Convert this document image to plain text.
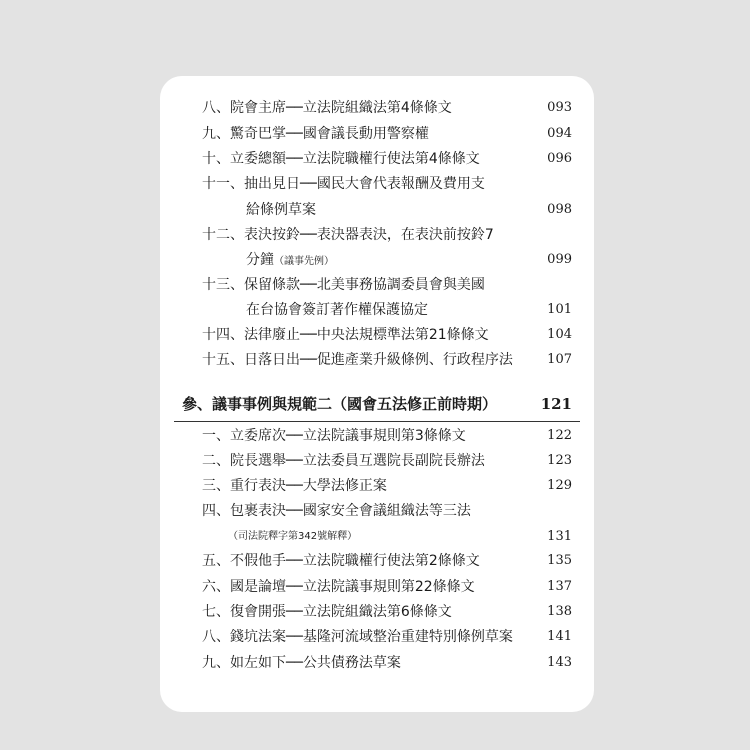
八、院會主席──立法院組織法第4條條文	093
九、驚奇巴掌──國會議長動用警察權	094
十、立委總額──立法院職權行使法第4條條文	096
十一、抽出見日──國民大會代表報酬及費用支
給條例草案	098
十二、表決按鈴──表決器表決，在表決前按鈴7
分鐘（議事先例）	099
十三、保留條款──北美事務協調委員會與美國
在台協會簽訂著作權保護協定	101
十四、法律廢止──中央法規標準法第21條條文	104
十五、日落日出──促進產業升級條例、行政程序法	107
參、議事事例與規範二（國會五法修正前時期）	121
一、立委席次──立法院議事規則第3條條文	122
二、院長選舉──立法委員互選院長副院長辦法	123
三、重行表決──大學法修正案	129
四、包裹表決──國家安全會議組織法等三法
（司法院釋字第342號解釋）	131
五、不假他手──立法院職權行使法第2條條文	135
六、國是論壇──立法院議事規則第22條條文	137
七、復會開張──立法院組織法第6條條文	138
八、錢坑法案──基隆河流域整治重建特別條例草案	141
九、如左如下──公共債務法草案	143
